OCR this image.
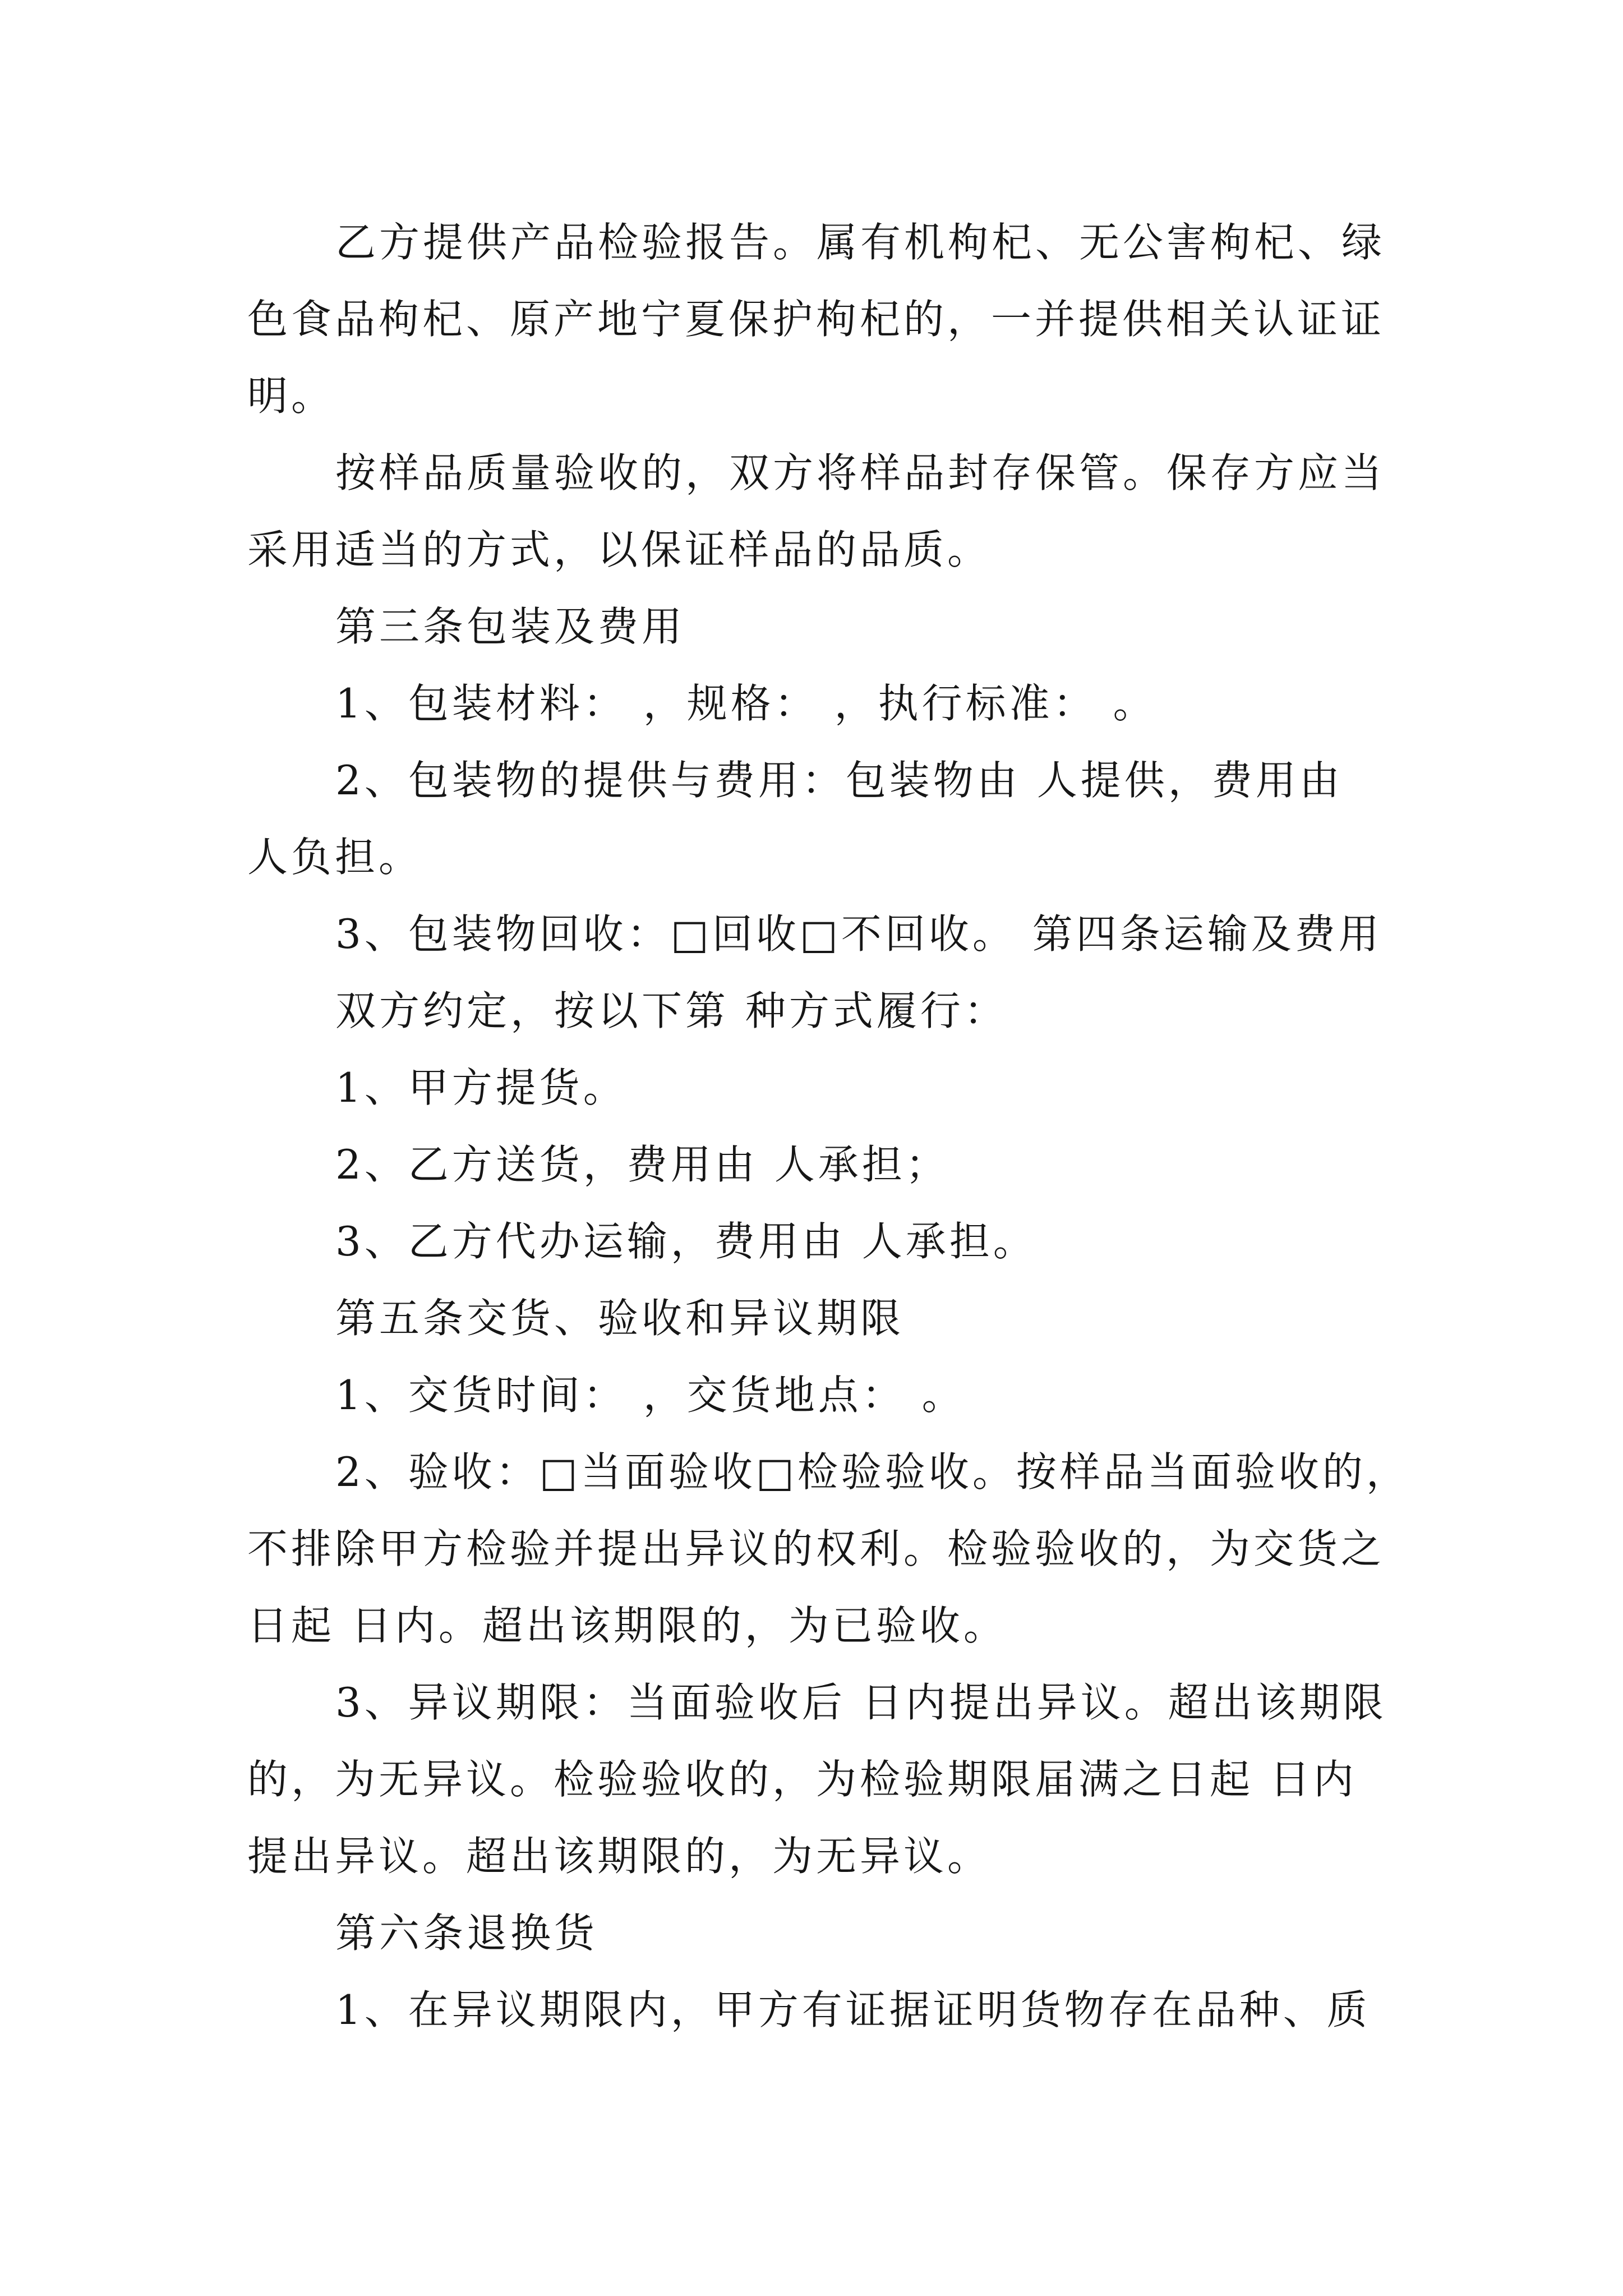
乙方提供产品检验报告。属有机枸杞、无公害枸杞、绿
色食品枸杞、原产地宁夏保护枸杞的，一并提供相关认证证
明。
按样品质量验收的，双方将样品封存保管。保存方应当
采用适当的方式，以保证样品的品质。
第三条包装及费用
1、包装材料： ，规格： ，执行标准： 。
2、包装物的提供与费用：包装物由 人提供，费用由
人负担。
3、包装物回收：□回收□不回收。 第四条运输及费用
双方约定，按以下第 种方式履行：
1、甲方提货。
2、乙方送货，费用由 人承担；
3、乙方代办运输，费用由 人承担。
第五条交货、验收和异议期限
1、交货时间： ，交货地点： 。
2、验收：□当面验收□检验验收。按样品当面验收的，
不排除甲方检验并提出异议的权利。检验验收的，为交货之
日起 日内。超出该期限的，为已验收。
3、异议期限：当面验收后 日内提出异议。超出该期限
的，为无异议。检验验收的，为检验期限届满之日起 日内
提出异议。超出该期限的，为无异议。
第六条退换货
1、在异议期限内，甲方有证据证明货物存在品种、质
